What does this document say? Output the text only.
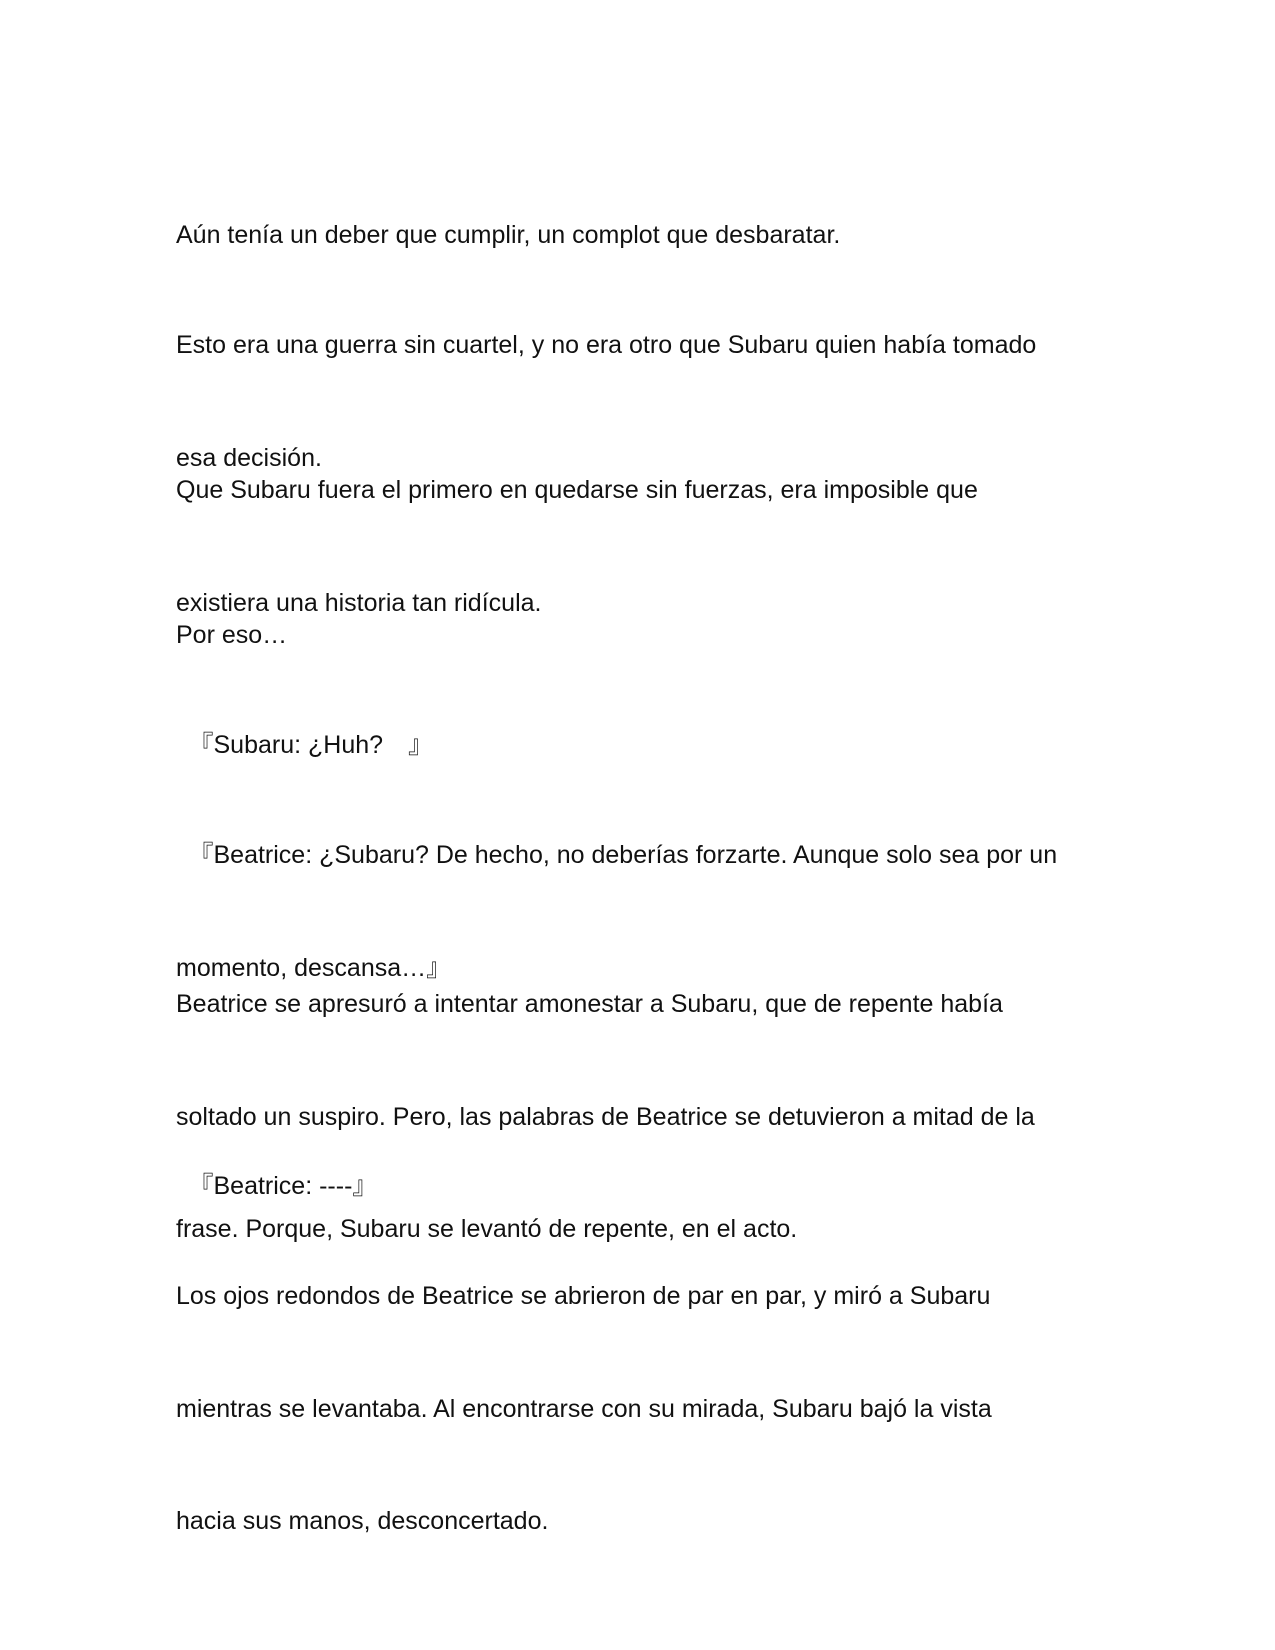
Aún tenía un deber que cumplir, un complot que desbaratar.

Esto era una guerra sin cuartel, y no era otro que Subaru quien había tomado

esa decisión.

Que Subaru fuera el primero en quedarse sin fuerzas, era imposible que

existiera una historia tan ridícula.

Por eso…

　『Subaru: ¿Huh?　』

　『Beatrice: ¿Subaru? De hecho, no deberías forzarte. Aunque solo sea por un

momento, descansa…』

Beatrice se apresuró a intentar amonestar a Subaru, que de repente había

soltado un suspiro. Pero, las palabras de Beatrice se detuvieron a mitad de la

frase. Porque, Subaru se levantó de repente, en el acto.

　『Beatrice: ----』

Los ojos redondos de Beatrice se abrieron de par en par, y miró a Subaru

mientras se levantaba. Al encontrarse con su mirada, Subaru bajó la vista

hacia sus manos, desconcertado.
